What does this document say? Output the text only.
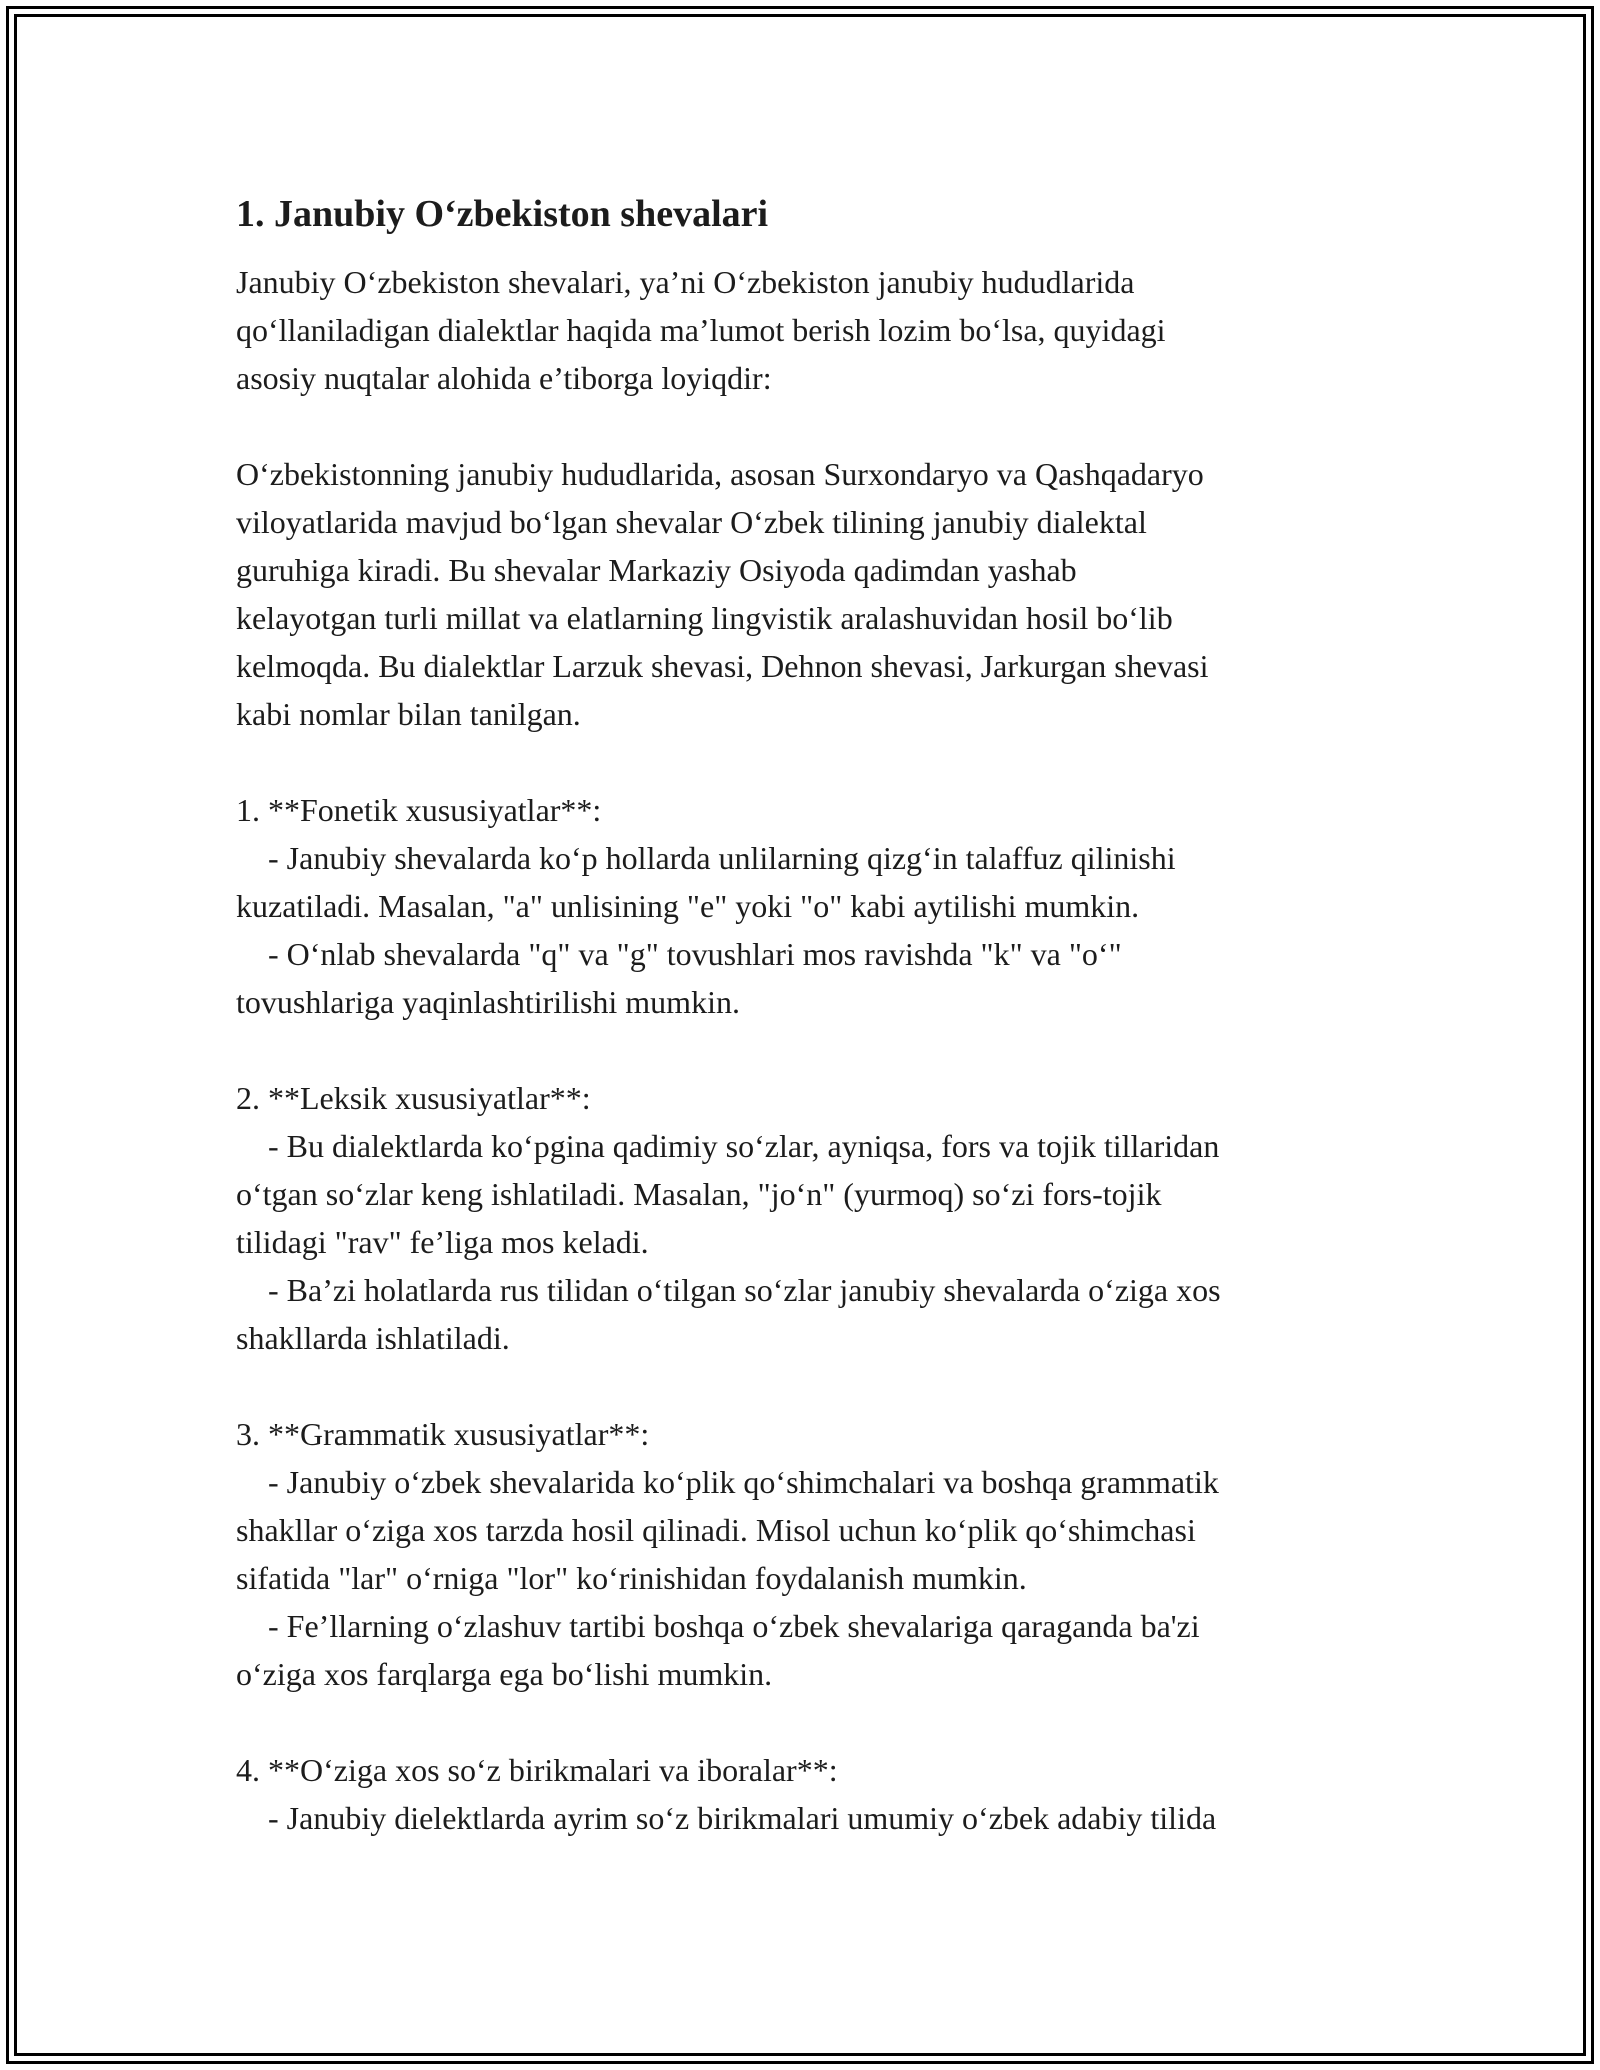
1. Janubiy O‘zbekiston shevalari

Janubiy O‘zbekiston shevalari, ya’ni O‘zbekiston janubiy hududlarida

qo‘llaniladigan dialektlar haqida ma’lumot berish lozim bo‘lsa, quyidagi

asosiy nuqtalar alohida e’tiborga loyiqdir:

O‘zbekistonning janubiy hududlarida, asosan Surxondaryo va Qashqadaryo

viloyatlarida mavjud bo‘lgan shevalar O‘zbek tilining janubiy dialektal

guruhiga kiradi. Bu shevalar Markaziy Osiyoda qadimdan yashab

kelayotgan turli millat va elatlarning lingvistik aralashuvidan hosil bo‘lib

kelmoqda. Bu dialektlar Larzuk shevasi, Dehnon shevasi, Jarkurgan shevasi

kabi nomlar bilan tanilgan.

1. **Fonetik xususiyatlar**:

- Janubiy shevalarda ko‘p hollarda unlilarning qizg‘in talaffuz qilinishi

kuzatiladi. Masalan, "a" unlisining "e" yoki "o" kabi aytilishi mumkin.

- O‘nlab shevalarda "q" va "g" tovushlari mos ravishda "k" va "o‘"

tovushlariga yaqinlashtirilishi mumkin.

2. **Leksik xususiyatlar**:

- Bu dialektlarda ko‘pgina qadimiy so‘zlar, ayniqsa, fors va tojik tillaridan

o‘tgan so‘zlar keng ishlatiladi. Masalan, "jo‘n" (yurmoq) so‘zi fors-tojik

tilidagi "rav" fe’liga mos keladi.

- Ba’zi holatlarda rus tilidan o‘tilgan so‘zlar janubiy shevalarda o‘ziga xos

shakllarda ishlatiladi.

3. **Grammatik xususiyatlar**:

- Janubiy o‘zbek shevalarida ko‘plik qo‘shimchalari va boshqa grammatik

shakllar o‘ziga xos tarzda hosil qilinadi. Misol uchun ko‘plik qo‘shimchasi

sifatida "lar" o‘rniga "lor" ko‘rinishidan foydalanish mumkin.

- Fe’llarning o‘zlashuv tartibi boshqa o‘zbek shevalariga qaraganda ba'zi

o‘ziga xos farqlarga ega bo‘lishi mumkin.

4. **O‘ziga xos so‘z birikmalari va iboralar**:

- Janubiy dielektlarda ayrim so‘z birikmalari umumiy o‘zbek adabiy tilida
